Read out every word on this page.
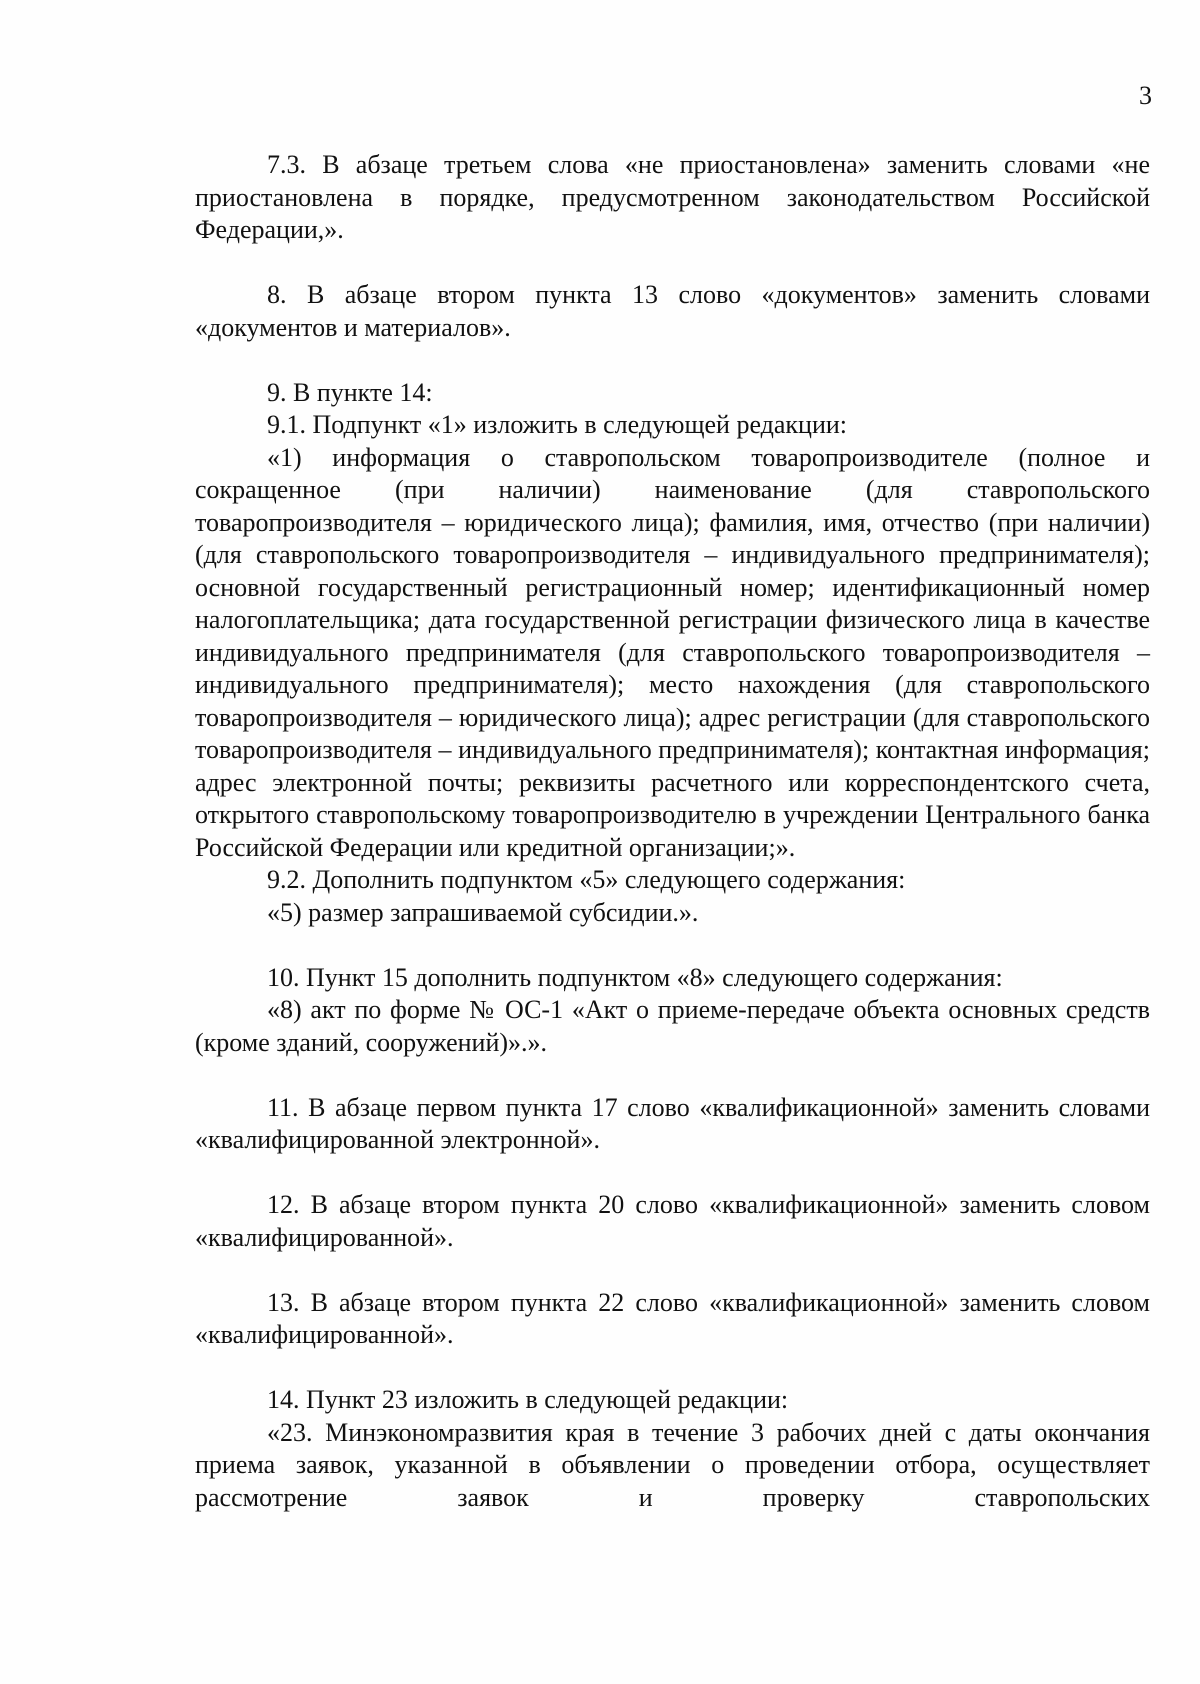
3

7.3. В абзаце третьем слова «не приостановлена» заменить словами «не приостановлена в порядке, предусмотренном законодательством Российской Федерации,».

8. В абзаце втором пункта 13 слово «документов» заменить словами «документов и материалов».

9. В пункте 14:

9.1. Подпункт «1» изложить в следующей редакции:

«1) информация о ставропольском товаропроизводителе (полное и сокращенное (при наличии) наименование (для ставропольского товаропроизводителя – юридического лица); фамилия, имя, отчество (при наличии) (для ставропольского товаропроизводителя – индивидуального предпринимателя); основной государственный регистрационный номер; идентификационный номер налогоплательщика; дата государственной регистрации физического лица в качестве индивидуального предпринимателя (для ставропольского товаропроизводителя – индивидуального предпринимателя); место нахождения (для ставропольского товаропроизводителя – юридического лица); адрес регистрации (для ставропольского товаропроизводителя – индивидуального предпринимателя); контактная информация; адрес электронной почты; реквизиты расчетного или корреспондентского счета, открытого ставропольскому товаропроизводителю в учреждении Центрального банка Российской Федерации или кредитной организации;».

9.2. Дополнить подпунктом «5» следующего содержания:

«5) размер запрашиваемой субсидии.».

10. Пункт 15 дополнить подпунктом «8» следующего содержания:

«8) акт по форме № ОС-1 «Акт о приеме-передаче объекта основных средств (кроме зданий, сооружений)».».

11. В абзаце первом пункта 17 слово «квалификационной» заменить словами «квалифицированной электронной».

12. В абзаце втором пункта 20 слово «квалификационной» заменить словом «квалифицированной».

13. В абзаце втором пункта 22 слово «квалификационной» заменить словом «квалифицированной».

14. Пункт 23 изложить в следующей редакции:

«23. Минэкономразвития края в течение 3 рабочих дней с даты окончания приема заявок, указанной в объявлении о проведении отбора, осуществляет рассмотрение заявок и проверку ставропольских
